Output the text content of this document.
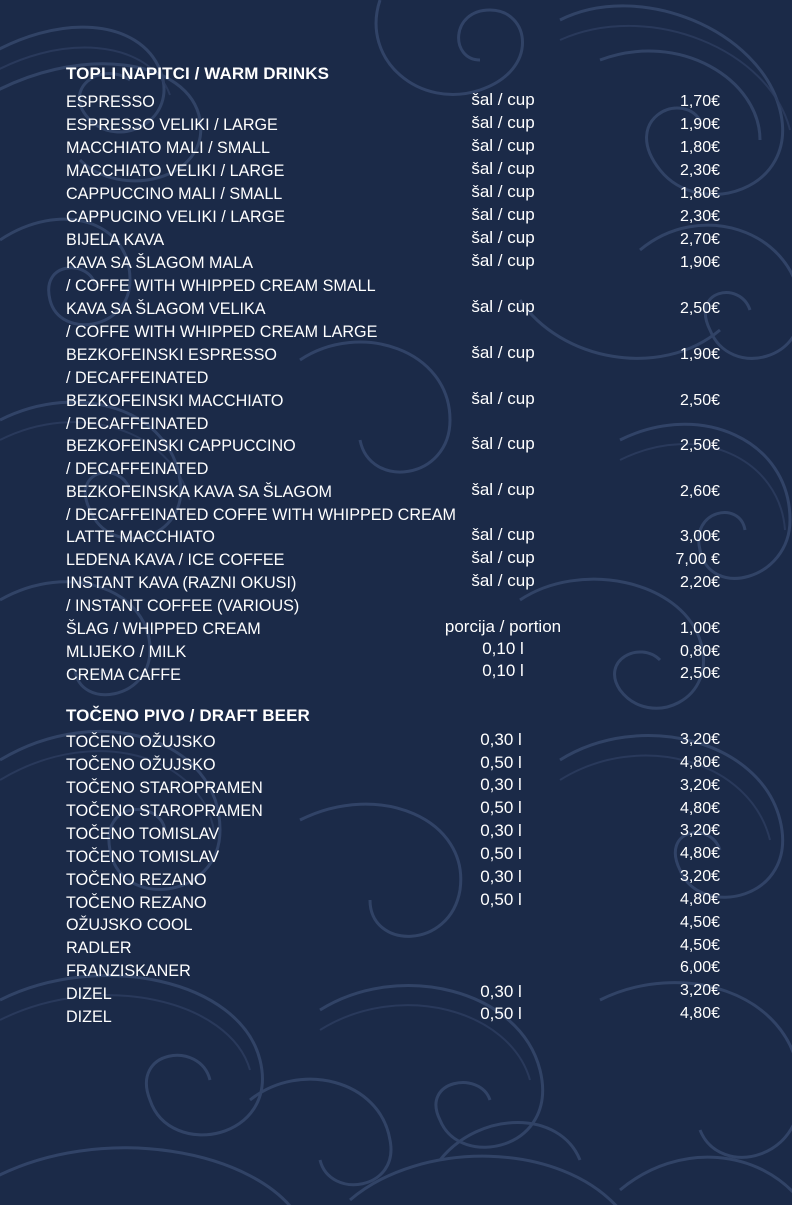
TOPLI NAPITCI / WARM DRINKS
ESPRESSO	šal / cup	1,70€
ESPRESSO VELIKI / LARGE	šal / cup	1,90€
MACCHIATO MALI / SMALL	šal / cup	1,80€
MACCHIATO VELIKI / LARGE	šal / cup	2,30€
CAPPUCCINO MALI / SMALL	šal / cup	1,80€
CAPPUCINO VELIKI / LARGE	šal / cup	2,30€
BIJELA KAVA	šal / cup	2,70€
KAVA SA ŠLAGOM MALA
/ COFFE WITH WHIPPED CREAM SMALL
šal / cup	1,90€
KAVA SA ŠLAGOM VELIKA
/ COFFE WITH WHIPPED CREAM LARGE
šal / cup	2,50€
BEZKOFEINSKI ESPRESSO
/ DECAFFEINATED
šal / cup	1,90€
BEZKOFEINSKI MACCHIATO
/ DECAFFEINATED
šal / cup	2,50€
BEZKOFEINSKI CAPPUCCINO
/ DECAFFEINATED
šal / cup	2,50€
BEZKOFEINSKA KAVA SA ŠLAGOM
/ DECAFFEINATED COFFE WITH WHIPPED CREAM
šal / cup	2,60€
LATTE MACCHIATO	šal / cup	3,00€
LEDENA KAVA / ICE COFFEE	šal / cup	7,00 €
INSTANT KAVA (RAZNI OKUSI)
/ INSTANT COFFEE (VARIOUS)
šal / cup	2,20€
ŠLAG / WHIPPED CREAM	porcija / portion	1,00€
MLIJEKO / MILK	0,10 l	0,80€
CREMA CAFFE	0,10 l	2,50€
TOČENO PIVO / DRAFT BEER
TOČENO OŽUJSKO	0,30 l	3,20€
TOČENO OŽUJSKO	0,50 l	4,80€
TOČENO STAROPRAMEN	0,30 l	3,20€
TOČENO STAROPRAMEN	0,50 l	4,80€
TOČENO TOMISLAV	0,30 l	3,20€
TOČENO TOMISLAV	0,50 l	4,80€
TOČENO REZANO	0,30 l	3,20€
TOČENO REZANO	0,50 l	4,80€
OŽUJSKO COOL	4,50€
RADLER	4,50€
FRANZISKANER	6,00€
DIZEL	0,30 l	3,20€
DIZEL	0,50 l	4,80€
